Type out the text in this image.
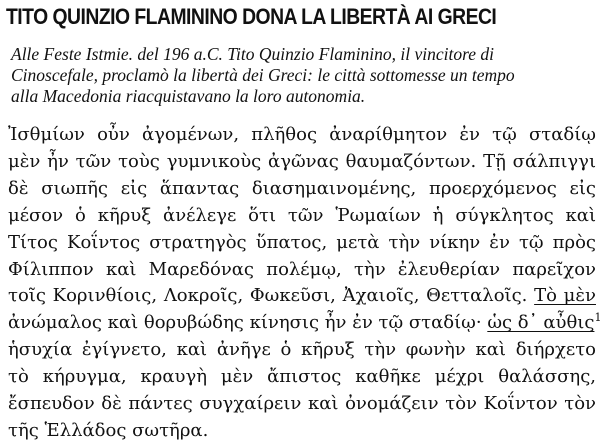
TITO QUINZIO FLAMININO DONA LA LIBERTÀ AI GRECI
Alle Feste Istmie. del 196 a.C. Tito Quinzio Flaminino, il vincitore di
Cinoscefale, proclamò la libertà dei Greci: le città sottomesse un tempo
alla Macedonia riacquistavano la loro autonomia.
Ἰσθμίων οὖν ἀγομένων, πλῆθος ἀναρίθμητον ἐν τῷ σταδίῳ
μὲν ἦν τῶν τοὺς γυμνικοὺς ἀγῶνας θαυμαζόντων. Τῇ σάλπιγγι
δὲ σιωπῆς εἰς ἅπαντας διασημαινομένης, προερχόμενος εἰς
μέσον ὁ κῆρυξ ἀνέλεγε ὅτι τῶν Ῥωμαίων ἡ σύγκλητος καὶ
Τίτος Κοΐντος στρατηγὸς ὕπατος, μετὰ τὴν νίκην ἐν τῷ πρὸς
Φίλιππον καὶ Μαρεδόνας πολέμῳ, τὴν ἐλευθερίαν παρεῖχον
τοῖς Κορινθίοις, Λοκροῖς, Φωκεῦσι, Ἀχαιοῖς, Θετταλοῖς. Τὸ μὲν
ἀνώμαλος καὶ θορυβώδης κίνησις ἦν ἐν τῷ σταδίῳ· ὡς δ᾽ αὖθις$^1$
ἡσυχία ἐγίγνετο, καὶ ἀνῆγε ὁ κῆρυξ τὴν φωνὴν καὶ διήρχετο
τὸ κήρυγμα, κραυγὴ μὲν ἄπιστος καθῆκε μέχρι θαλάσσης,
ἔσπευδον δὲ πάντες συγχαίρειν καὶ ὀνομάζειν τὸν Κοΐντον τὸν
τῆς Ἑλλάδος σωτῆρα.
